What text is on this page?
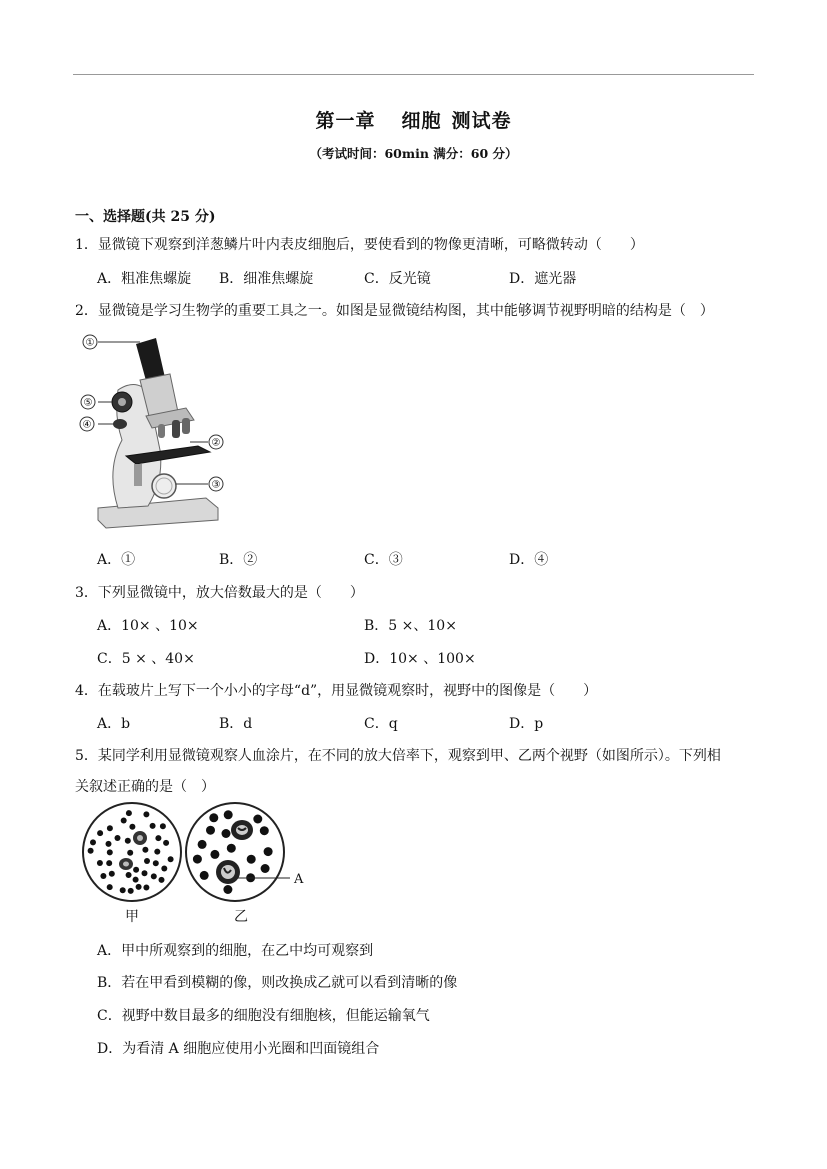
第一章 细胞 测试卷
（考试时间：60min 满分：60 分）
一、选择题(共 25 分)
1．显微镜下观察到洋葱鳞片叶内表皮细胞后，要使看到的物像更清晰，可略微转动（　　）
A．粗准焦螺旋 B．细准焦螺旋	C．反光镜	D．遮光器
2．显微镜是学习生物学的重要工具之一。如图是显微镜结构图，其中能够调节视野明暗的结构是（　）
①
⑤
④
②
③
A．①	B．②	C．③	D．④
3．下列显微镜中，放大倍数最大的是（　　）
A．10× 、10×	B．5 ×、10×
C．5 × 、40×	D．10× 、100×
4．在载玻片上写下一个小小的字母“d”，用显微镜观察时，视野中的图像是（　　）
A．b	B．d	C．q	D．p
5．某同学利用显微镜观察人血涂片，在不同的放大倍率下，观察到甲、乙两个视野（如图所示）。下列相
关叙述正确的是（　）
A
甲	乙
A．甲中所观察到的细胞，在乙中均可观察到
B．若在甲看到模糊的像，则改换成乙就可以看到清晰的像
C．视野中数目最多的细胞没有细胞核，但能运输氧气
D．为看清 A 细胞应使用小光圈和凹面镜组合
